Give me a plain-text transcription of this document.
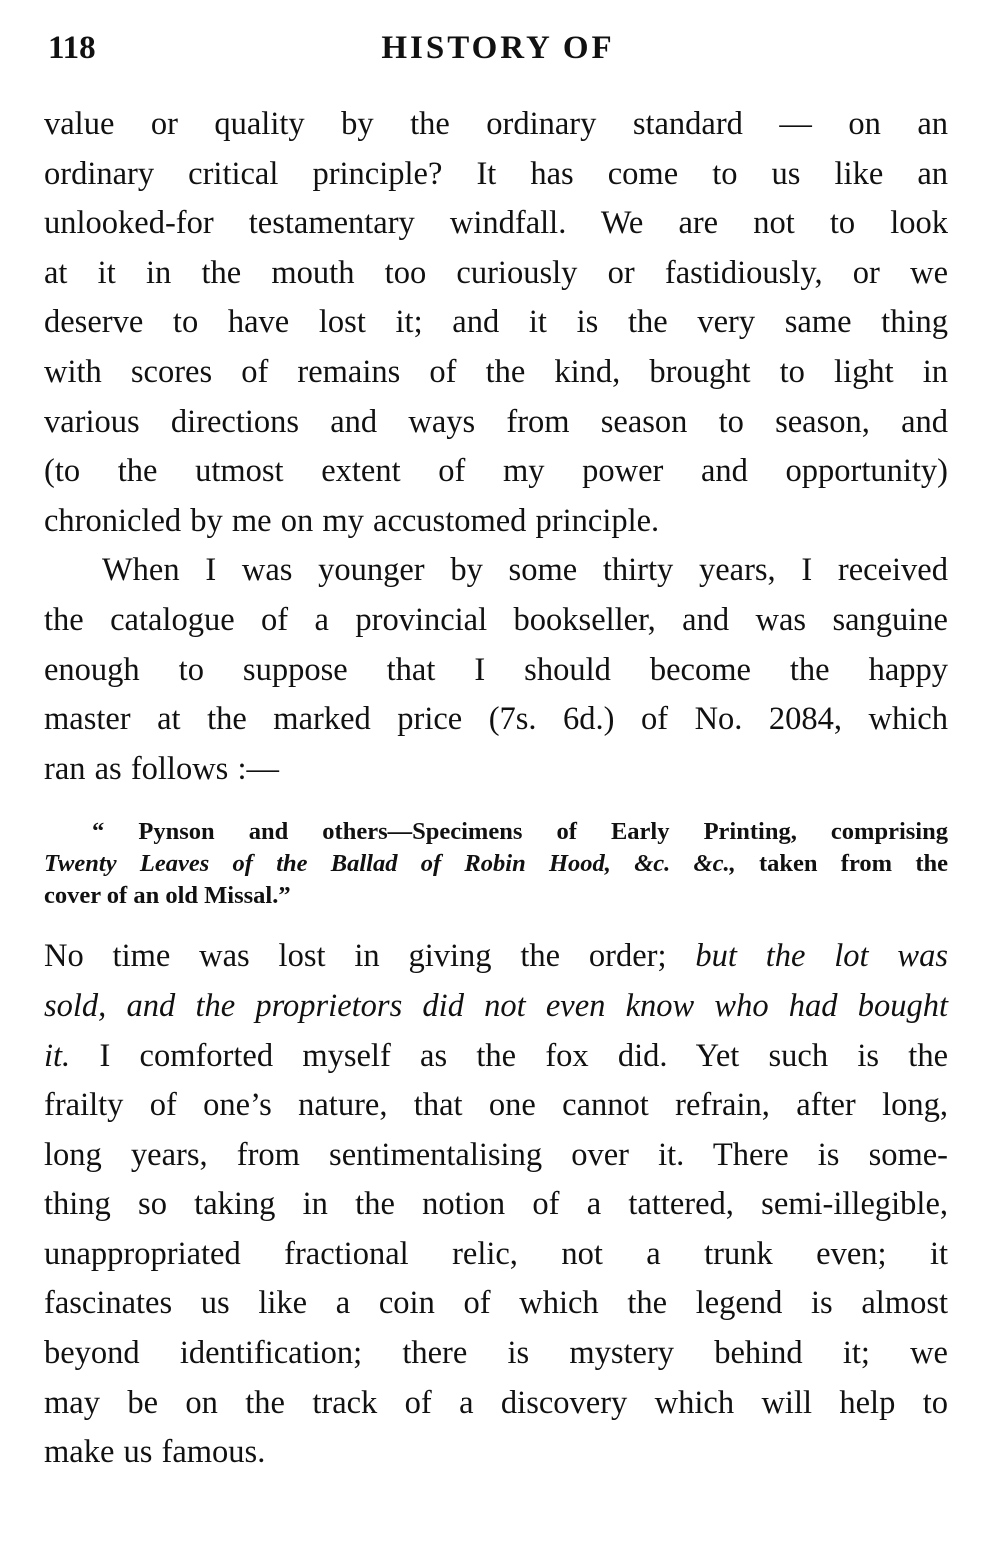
118	HISTORY OF

value or quality by the ordinary standard — on an
ordinary critical principle? It has come to us like an
unlooked-for testamentary windfall. We are not to look
at it in the mouth too curiously or fastidiously, or we
deserve to have lost it; and it is the very same thing
with scores of remains of the kind, brought to light in
various directions and ways from season to season, and
(to the utmost extent of my power and opportunity)
chronicled by me on my accustomed principle.

When I was younger by some thirty years, I received
the catalogue of a provincial bookseller, and was sanguine
enough to suppose that I should become the happy
master at the marked price (7s. 6d.) of No. 2084, which
ran as follows :—

“ Pynson and others—Specimens of Early Printing, comprising
Twenty Leaves of the Ballad of Robin Hood, &c. &c., taken from the
cover of an old Missal.”

No time was lost in giving the order; but the lot was
sold, and the proprietors did not even know who had bought
it. I comforted myself as the fox did. Yet such is the
frailty of one’s nature, that one cannot refrain, after long,
long years, from sentimentalising over it. There is some-
thing so taking in the notion of a tattered, semi-illegible,
unappropriated fractional relic, not a trunk even; it
fascinates us like a coin of which the legend is almost
beyond identification; there is mystery behind it; we
may be on the track of a discovery which will help to
make us famous.
